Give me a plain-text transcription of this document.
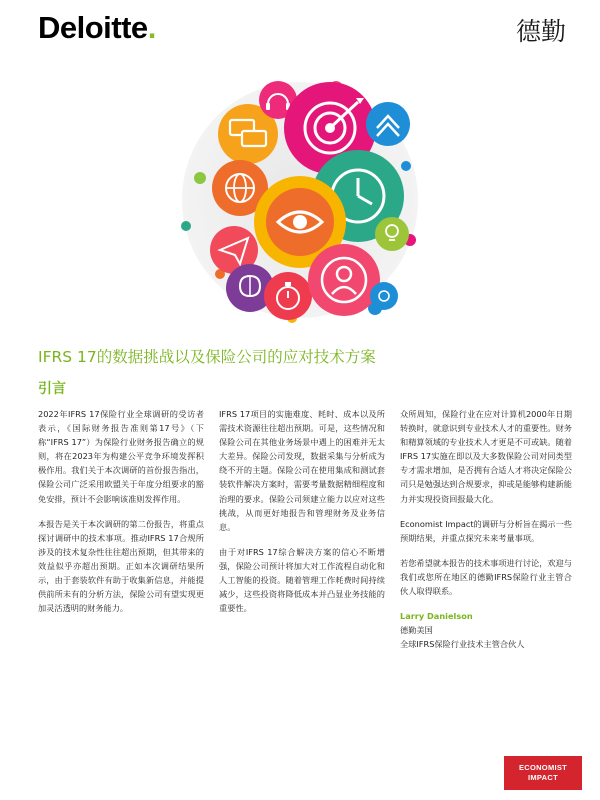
Deloitte.	德勤
IFRS 17的数据挑战以及保险公司的应对技术方案
引言

2022年IFRS 17保险行业全球调研的受访者表示，《国际财务报告准则第17号》（下称“IFRS 17”）为保险行业财务报告确立的规则，将在2023年为构建公平竞争环境发挥积极作用。我们关于本次调研的首份报告指出，保险公司广泛采用欧盟关于年度分组要求的豁免安排，预计不会影响该准则发挥作用。

本报告是关于本次调研的第二份报告，将重点探讨调研中的技术事项。推动IFRS 17合规所涉及的技术复杂性往往超出预期，但其带来的效益似乎亦超出预期。正如本次调研结果所示，由于套装软件有助于收集新信息，并能提供前所未有的分析方法，保险公司有望实现更加灵活透明的财务能力。

IFRS 17项目的实施难度、耗时、成本以及所需技术资源往往超出预期。可是，这些情况和保险公司在其他业务场景中遇上的困难并无太大差异。保险公司发现，数据采集与分析成为绕不开的主题。保险公司在使用集成和测试套装软件解决方案时，需要考量数据精细程度和治理的要求。保险公司须建立能力以应对这些挑战，从而更好地报告和管理财务及业务信息。

由于对IFRS 17综合解决方案的信心不断增强，保险公司预计将加大对工作流程自动化和人工智能的投资。随着管理工作耗费时间持续减少，这些投资将降低成本并凸显业务技能的重要性。

众所周知，保险行业在应对计算机2000年日期转换时，就意识到专业技术人才的重要性。财务和精算领域的专业技术人才更是不可或缺。随着IFRS 17实施在即以及大多数保险公司对同类型专才需求增加，是否拥有合适人才将决定保险公司只是勉强达到合规要求，抑或是能够构建新能力并实现投资回报最大化。

Economist Impact的调研与分析旨在揭示一些预期结果，并重点探究未来考量事项。

若您希望就本报告的技术事项进行讨论，欢迎与我们或您所在地区的德勤IFRS保险行业主管合伙人取得联系。

Larry Danielson
德勤美国
全球IFRS保险行业技术主管合伙人
ECONOMIST
IMPACT
